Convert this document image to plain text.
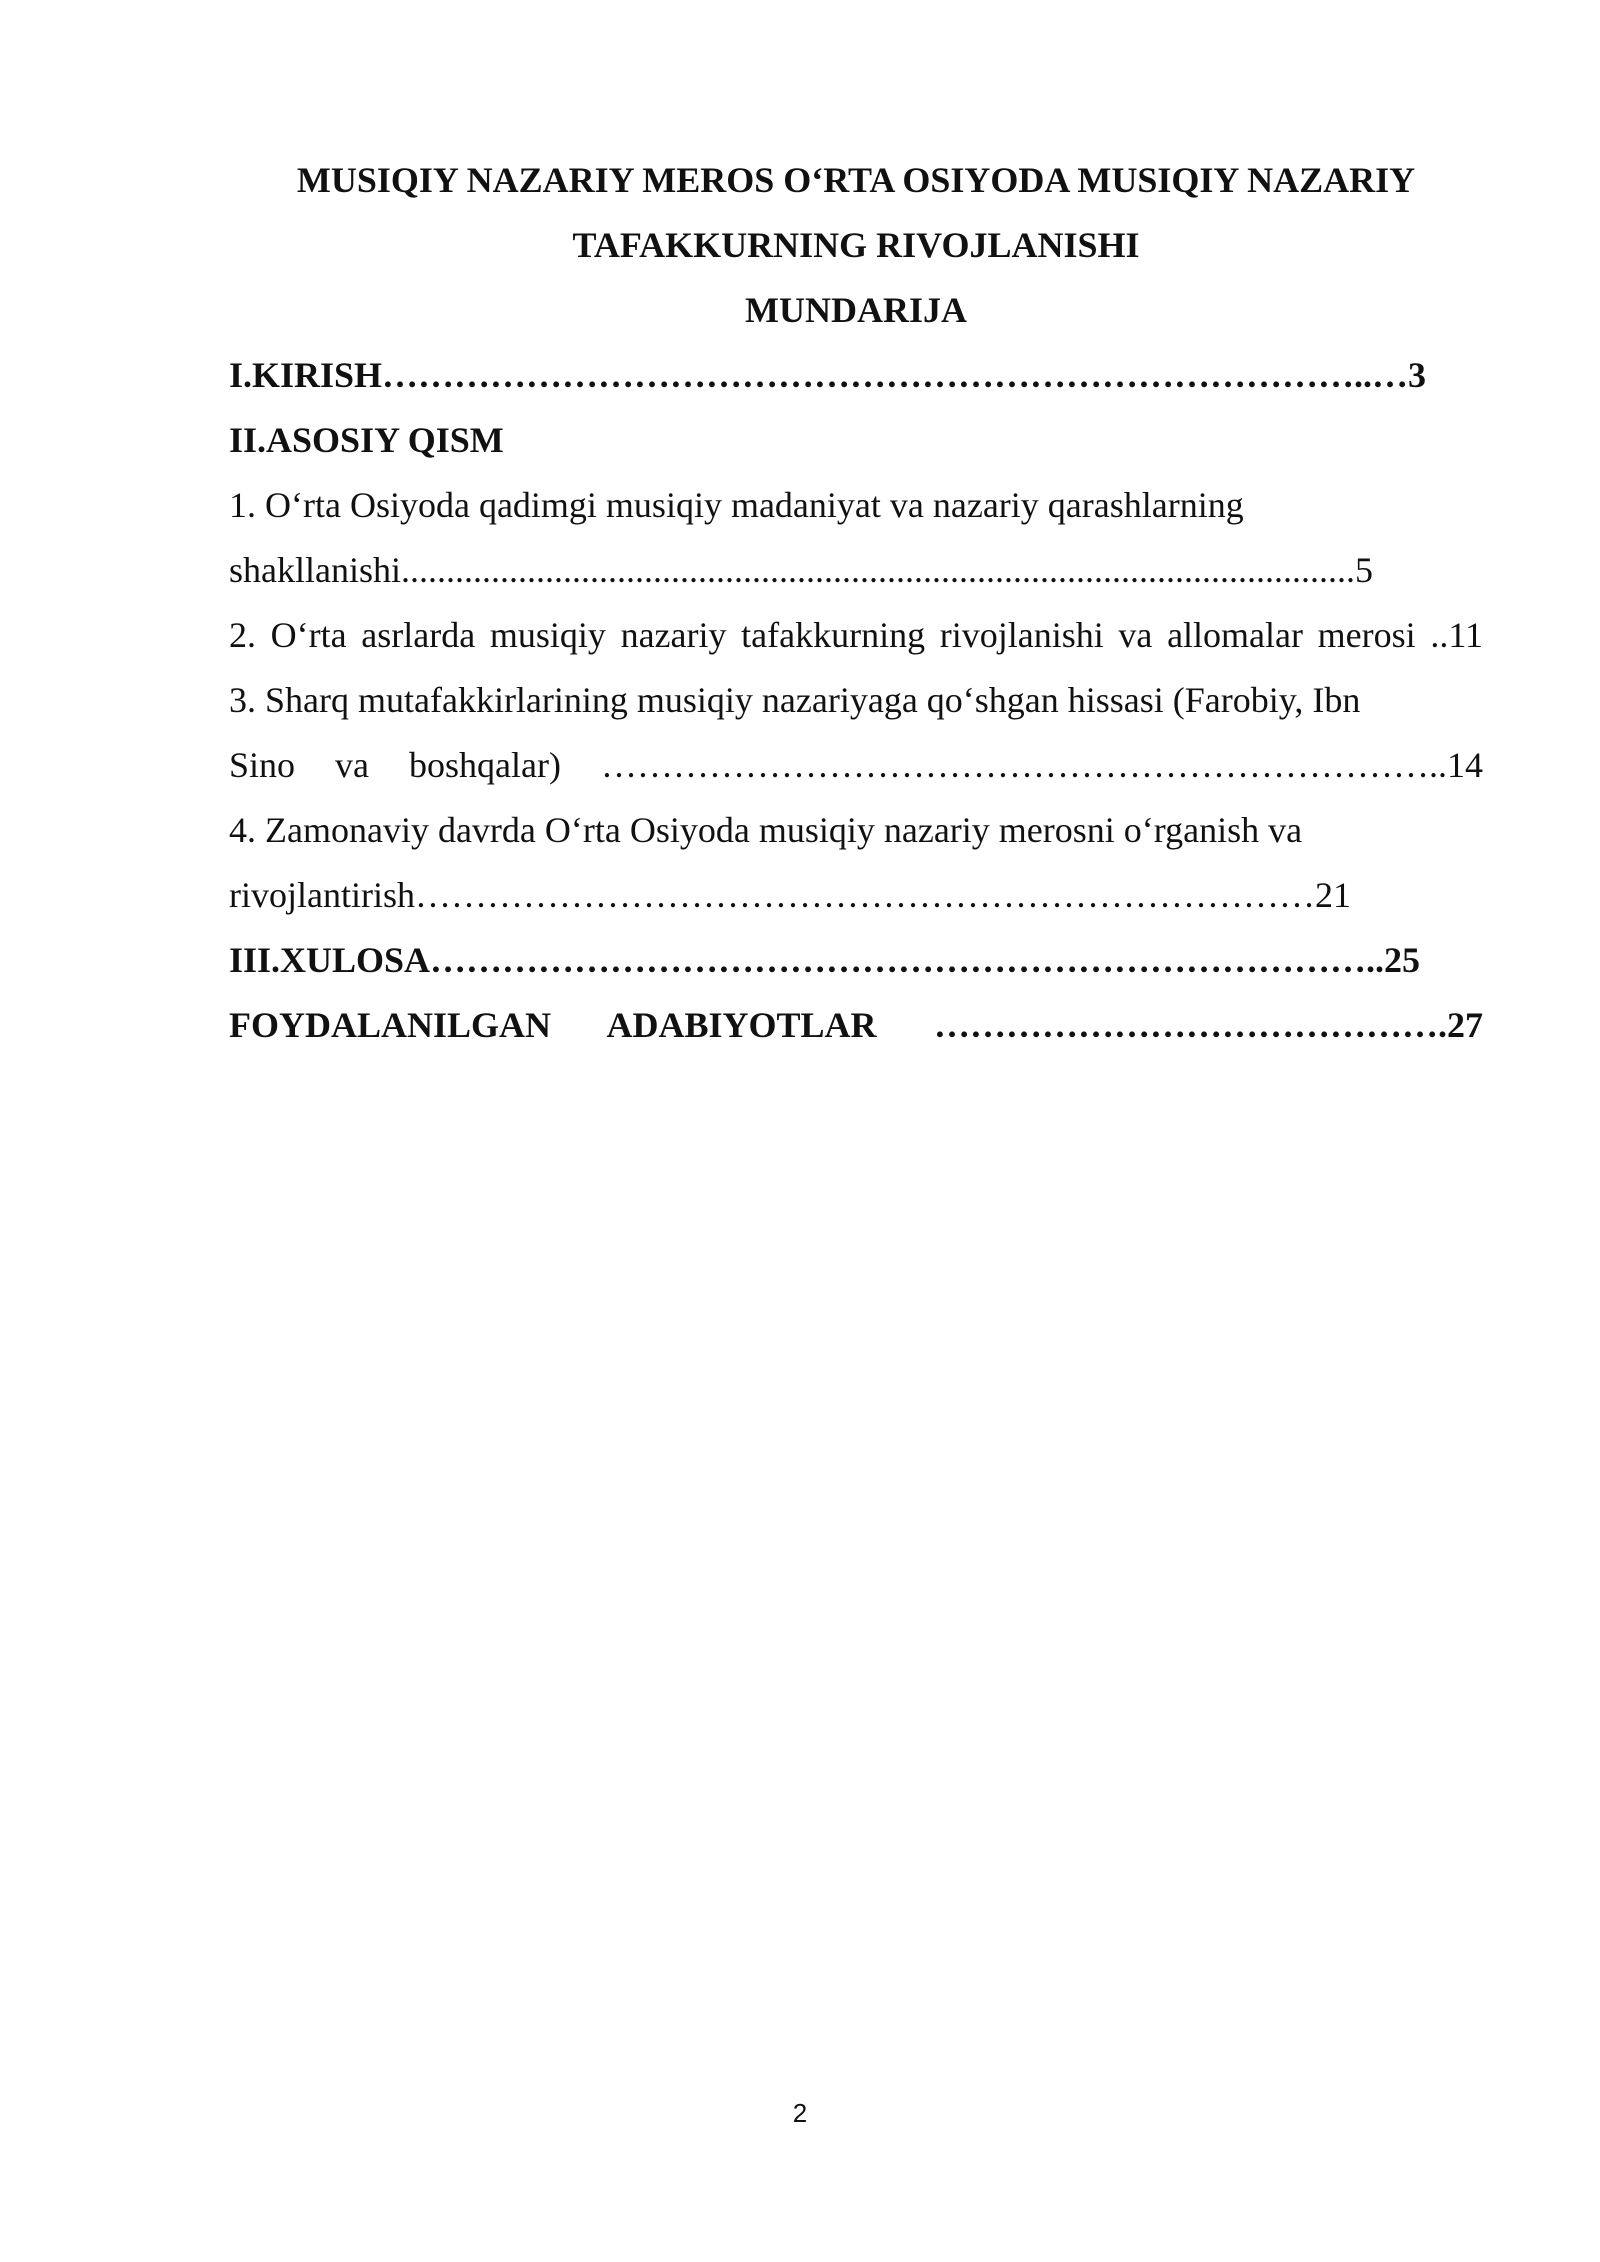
MUSIQIY NAZARIY MEROS O‘RTA OSIYODA MUSIQIY NAZARIY
TAFAKKURNING RIVOJLANISHI
MUNDARIJA
I.KIRISH………………………………………………………………………..…3
II.ASOSIY QISM
1. O‘rta Osiyoda qadimgi musiqiy madaniyat va nazariy qarashlarning
shakllanishi..........................................................................................................5
2. O‘rta asrlarda musiqiy nazariy tafakkurning rivojlanishi va allomalar merosi ..11
3. Sharq mutafakkirlarining musiqiy nazariyaga qo‘shgan hissasi (Farobiy, Ibn
Sino va boshqalar) ……………………………………………………………..14
4. Zamonaviy davrda O‘rta Osiyoda musiqiy nazariy merosni o‘rganish va
rivojlantirish…………………………………………………………………21
III.XULOSA……………………………………………………………………..25
FOYDALANILGAN ADABIYOTLAR …………………………………….27
2
